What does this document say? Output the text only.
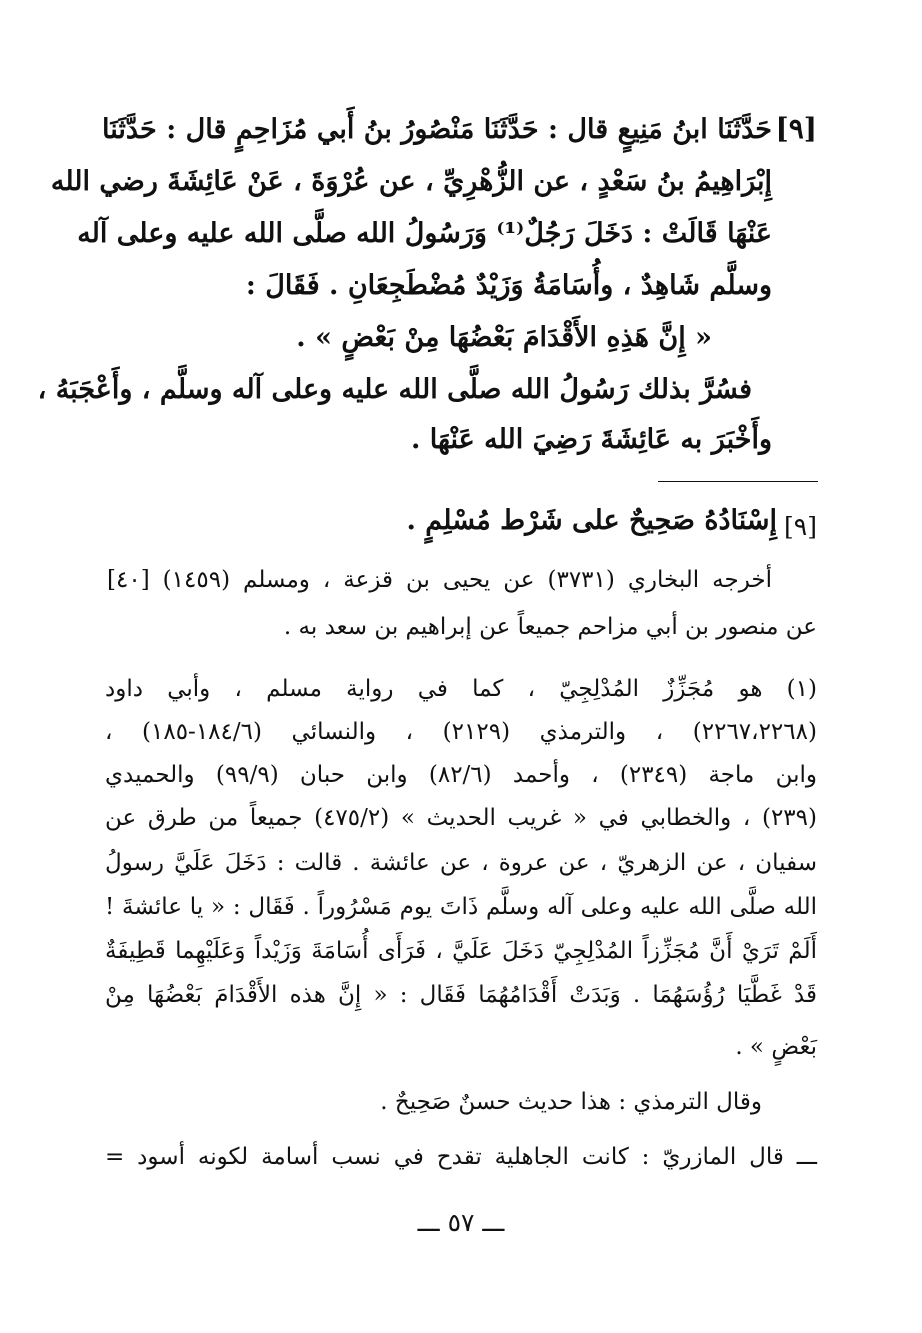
[٩]
حَدَّثَنَا ابنُ مَنِيعٍ قال : حَدَّثَنَا مَنْصُورُ بنُ أَبي مُزَاحِمٍ قال : حَدَّثَنَا
إِبْرَاهِيمُ بنُ سَعْدٍ ، عن الزُّهْرِيِّ ، عن عُرْوَةَ ، عَنْ عَائِشَةَ رضي الله
عَنْهَا قَالَتْ : دَخَلَ رَجُلٌ⁽¹⁾ وَرَسُولُ الله صلَّى الله عليه وعلى آله
وسلَّم شَاهِدٌ ، وأُسَامَةُ وَزَيْدٌ مُضْطَجِعَانِ . فَقَالَ :
« إِنَّ هَذِهِ الأَقْدَامَ بَعْضُهَا مِنْ بَعْضٍ » .
فسُرَّ بذلك رَسُولُ الله صلَّى الله عليه وعلى آله وسلَّم ، وأَعْجَبَهُ ،
وأَخْبَرَ به عَائِشَةَ رَضِيَ الله عَنْهَا .
[٩]
إِسْنَادُهُ صَحِيحٌ على شَرْط مُسْلِمٍ .
أخرجه البخاري (٣٧٣١) عن يحيى بن قزعة ، ومسلم (١٤٥٩) [٤٠]
عن منصور بن أبي مزاحم جميعاً عن إبراهيم بن سعد به .
(١) هو مُجَزِّزٌ المُدْلِجِيّ ، كما في رواية مسلم ، وأبي داود
(٢٢٦٧،٢٢٦٨) ، والترمذي (٢١٢٩) ، والنسائي (١٨٤/٦-١٨٥) ،
وابن ماجة (٢٣٤٩) ، وأحمد (٨٢/٦) وابن حبان (٩٩/٩) والحميدي
(٢٣٩) ، والخطابي في « غريب الحديث » (٤٧٥/٢) جميعاً من طرق عن
سفيان ، عن الزهريّ ، عن عروة ، عن عائشة . قالت : دَخَلَ عَلَيَّ رسولُ
الله صلَّى الله عليه وعلى آله وسلَّم ذَاتَ يوم مَسْرُوراً . فَقَال : « يا عائشةَ !
أَلَمْ تَرَيْ أَنَّ مُجَزِّزاً المُدْلِجِيّ دَخَلَ عَلَيَّ ، فَرَأَى أُسَامَةَ وَزَيْداً وَعَلَيْهِما قَطِيفَةٌ
قَدْ غَطَّيَا رُؤُسَهُمَا . وَبَدَتْ أَقْدَامُهُمَا فَقَال : « إِنَّ هذه الأَقْدَامَ بَعْضُهَا مِنْ
بَعْضٍ » .
وقال الترمذي : هذا حديث حسنٌ صَحِيحٌ .
ـــ قال المازريّ : كانت الجاهلية تقدح في نسب أسامة لكونه أسود =
ـــ ٥٧ ـــ
